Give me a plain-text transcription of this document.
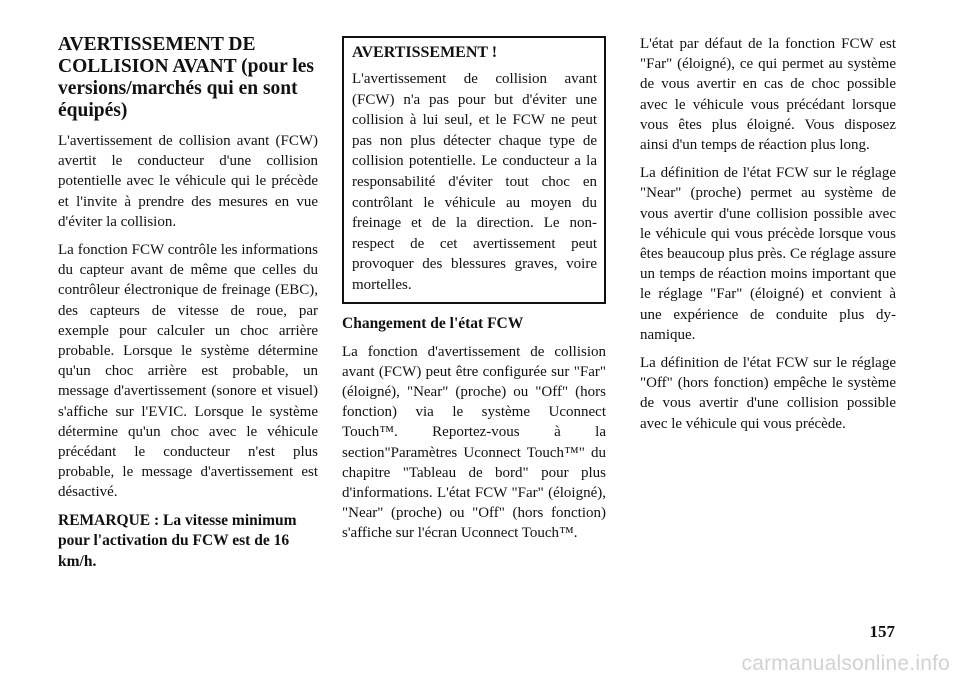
AVERTISSEMENT DE COLLISION AVANT (pour les versions/marchés qui en sont équipés)

L'avertissement de collision avant (FCW) avertit le conducteur d'une collision potentielle avec le véhicule qui le précède et l'invite à prendre des mesures en vue d'éviter la collision.

La fonction FCW contrôle les informations du capteur avant de même que celles du contrôleur électronique de freinage (EBC), des capteurs de vitesse de roue, par exemple pour calculer un choc arrière probable. Lorsque le système détermine qu'un choc arrière est probable, un message d'avertissement (sonore et visuel) s'affiche sur l'EVIC. Lorsque le système détermine qu'un choc avec le véhicule précédant le conducteur n'est plus probable, le message d'avertissement est désactivé.

REMARQUE : La vitesse minimum pour l'activation du FCW est de 16 km/h.

AVERTISSEMENT !

L'avertissement de collision avant (FCW) n'a pas pour but d'éviter une collision à lui seul, et le FCW ne peut pas non plus détecter chaque type de collision potentielle. Le conducteur a la responsabilité d'éviter tout choc en contrôlant le véhicule au moyen du freinage et de la direction. Le non-respect de cet avertissement peut provoquer des blessures graves, voire mortelles.

Changement de l'état FCW

La fonction d'avertissement de collision avant (FCW) peut être configurée sur "Far" (éloigné), "Near" (proche) ou "Off" (hors fonction) via le système Uconnect Touch™. Reportez-vous à la section"Paramètres Uconnect Touch™" du chapitre "Tableau de bord" pour plus d'informations. L'état FCW "Far" (éloigné), "Near" (proche) ou "Off" (hors fonction) s'affiche sur l'écran Uconnect Touch™.

L'état par défaut de la fonction FCW est "Far" (éloigné), ce qui permet au système de vous avertir en cas de choc possible avec le véhicule vous précédant lorsque vous êtes plus éloigné. Vous disposez ainsi d'un temps de réaction plus long.

La définition de l'état FCW sur le réglage "Near" (proche) permet au système de vous avertir d'une collision possible avec le véhicule qui vous précède lorsque vous êtes beaucoup plus près. Ce réglage assure un temps de réaction moins important que le réglage "Far" (éloigné) et convient à une expérience de conduite plus dynamique.

La définition de l'état FCW sur le réglage "Off" (hors fonction) empêche le système de vous avertir d'une collision possible avec le véhicule qui vous précède.

157
carmanualsonline.info
